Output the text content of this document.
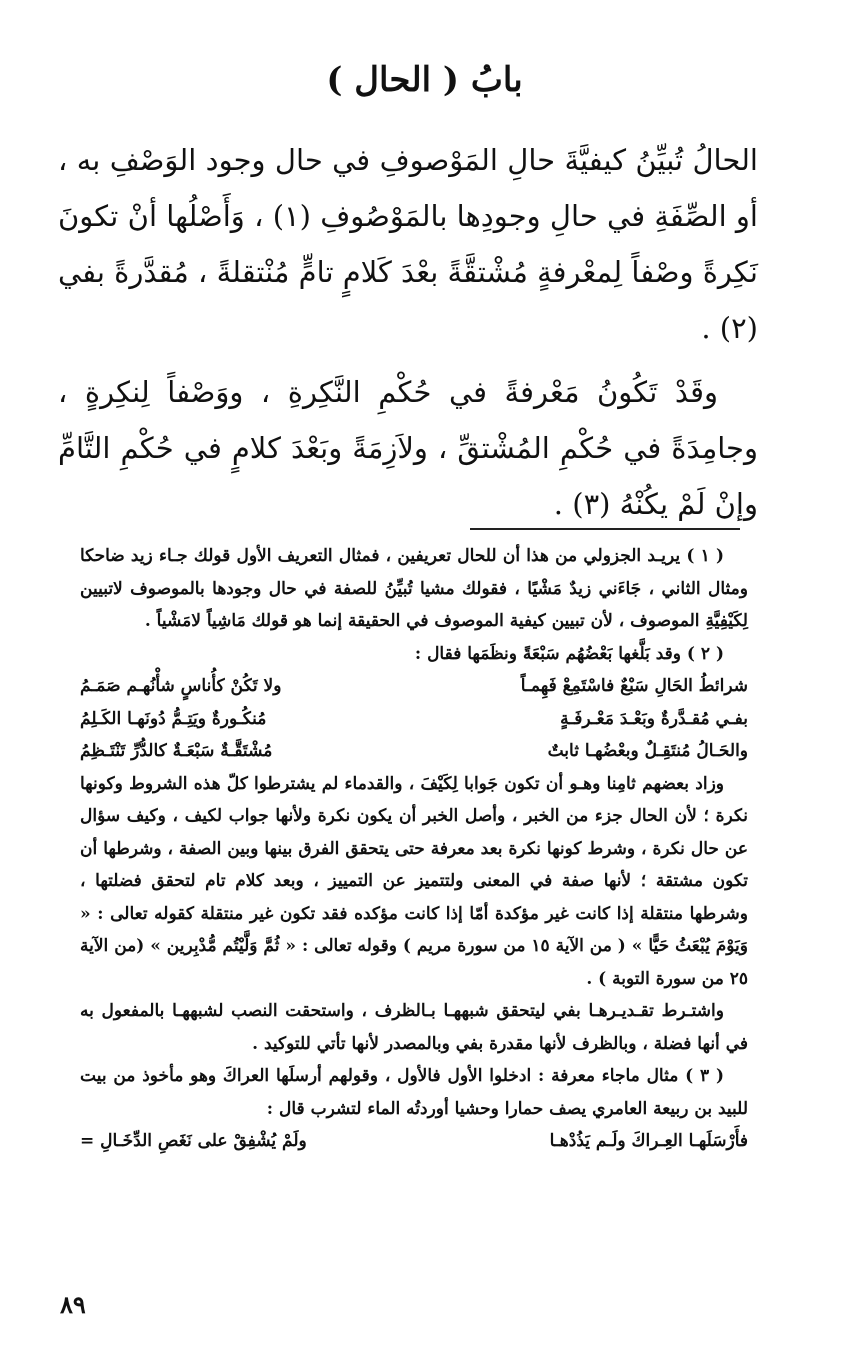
بابُ ( الحال )

الحالُ تُبيِّنُ كيفيَّةَ حالِ المَوْصوفِ في حال وجود الوَصْفِ به ، أو الصِّفَةِ في حالِ وجودِها بالمَوْصُوفِ (١) ، وَأَصْلُها أنْ تكونَ نَكِرةً وصْفاً لِمعْرفةٍ مُشْتقَّةً بعْدَ كَلامٍ تامٍّ مُنْتقلةً ، مُقدَّرةً بفي (٢) .

وقَدْ تَكُونُ مَعْرفةً في حُكْمِ النَّكِرةِ ، ووَصْفاً لِنكِرةٍ ، وجامِدَةً في حُكْمِ المُشْتقِّ ، ولاَزِمَةً وبَعْدَ كلامٍ في حُكْمِ التَّامِّ وإنْ لَمْ يكُنْهُ (٣) .

( ١ ) يريـد الجزولي من هذا أن للحال تعريفين ، فمثال التعريف الأول قولك جـاء زيد ضاحكا ومثال الثاني ، جَاءَني زيدٌ مَشْيًا ، فقولك مشيا تُبيِّنُ للصفة في حال وجودها بالموصوف لاتبيين لِكَيْفِيَّةِ الموصوف ، لأن تبيين كيفية الموصوف في الحقيقة إنما هو قولك مَاشِياً لامَشْياً .

( ٢ ) وقد بَلَّغها بَعْضُهُم سَبْعَةً ونظَمَها فقال :

شرائطُ الحَالِ سَبْعٌ فاسْتَمِعْ فَهِمـاً
ولا تَكُنْ كأُناسٍ شأْنُهـم صَمَـمُ
بفـي مُقـدَّرةٌ وبَعْـدَ مَعْـرفَـةٍ
مُنكُـورةٌ ويَتِـمُّ دُونَهـا الكَـلِمُ
والحَـالُ مُنتَقِـلٌ وبعْضُهـا ثابتٌ
مُشْتَقَّـةٌ سَبْعَـةٌ كالدُّرِّ تَنْتَـظِمُ

وزاد بعضهم ثامِنا وهـو أن تكون جَوابا لِكَيْفَ ، والقدماء لم يشترطوا كلّ هذه الشروط وكونها نكرة ؛ لأن الحال جزء من الخبر ، وأصل الخبر أن يكون نكرة ولأنها جواب لكيف ، وكيف سؤال عن حال نكرة ، وشرط كونها نكرة بعد معرفة حتى يتحقق الفرق بينها وبين الصفة ، وشرطها أن تكون مشتقة ؛ لأنها صفة في المعنى ولتتميز عن التمييز ، وبعد كلام تام لتحقق فضلتها ، وشرطها منتقلة إذا كانت غير مؤكدة أمّا إذا كانت مؤكده فقد تكون غير منتقلة كقوله تعالى : « وَيَوْمَ يُبْعَثُ حَيًّا » ( من الآية ١٥ من سورة مريم ) وقوله تعالى : « ثُمَّ وَلَّيْتُم مُّدْبِرين » (من الآية ٢٥ من سورة التوبة ) .

واشتـرط تقـديـرهـا بفي ليتحقق شبههـا بـالظرف ، واستحقت النصب لشبههـا بالمفعول به في أنها فضلة ، وبالظرف لأنها مقدرة بفي وبالمصدر لأنها تأتي للتوكيد .

( ٣ ) مثال ماجاء معرفة : ادخلوا الأول فالأول ، وقولهم أرسلَها العراكَ وهو مأخوذ من بيت للبيد بن ربيعة العامري يصف حمارا وحشيا أوردتُه الماء لتشرب قال :

فأَرْسَلَهـا العِـراكَ ولَـم يَذُدْهـا
ولَمْ يُشْفِقْ على نَغَصِ الدِّخَـالِ =
٨٩
